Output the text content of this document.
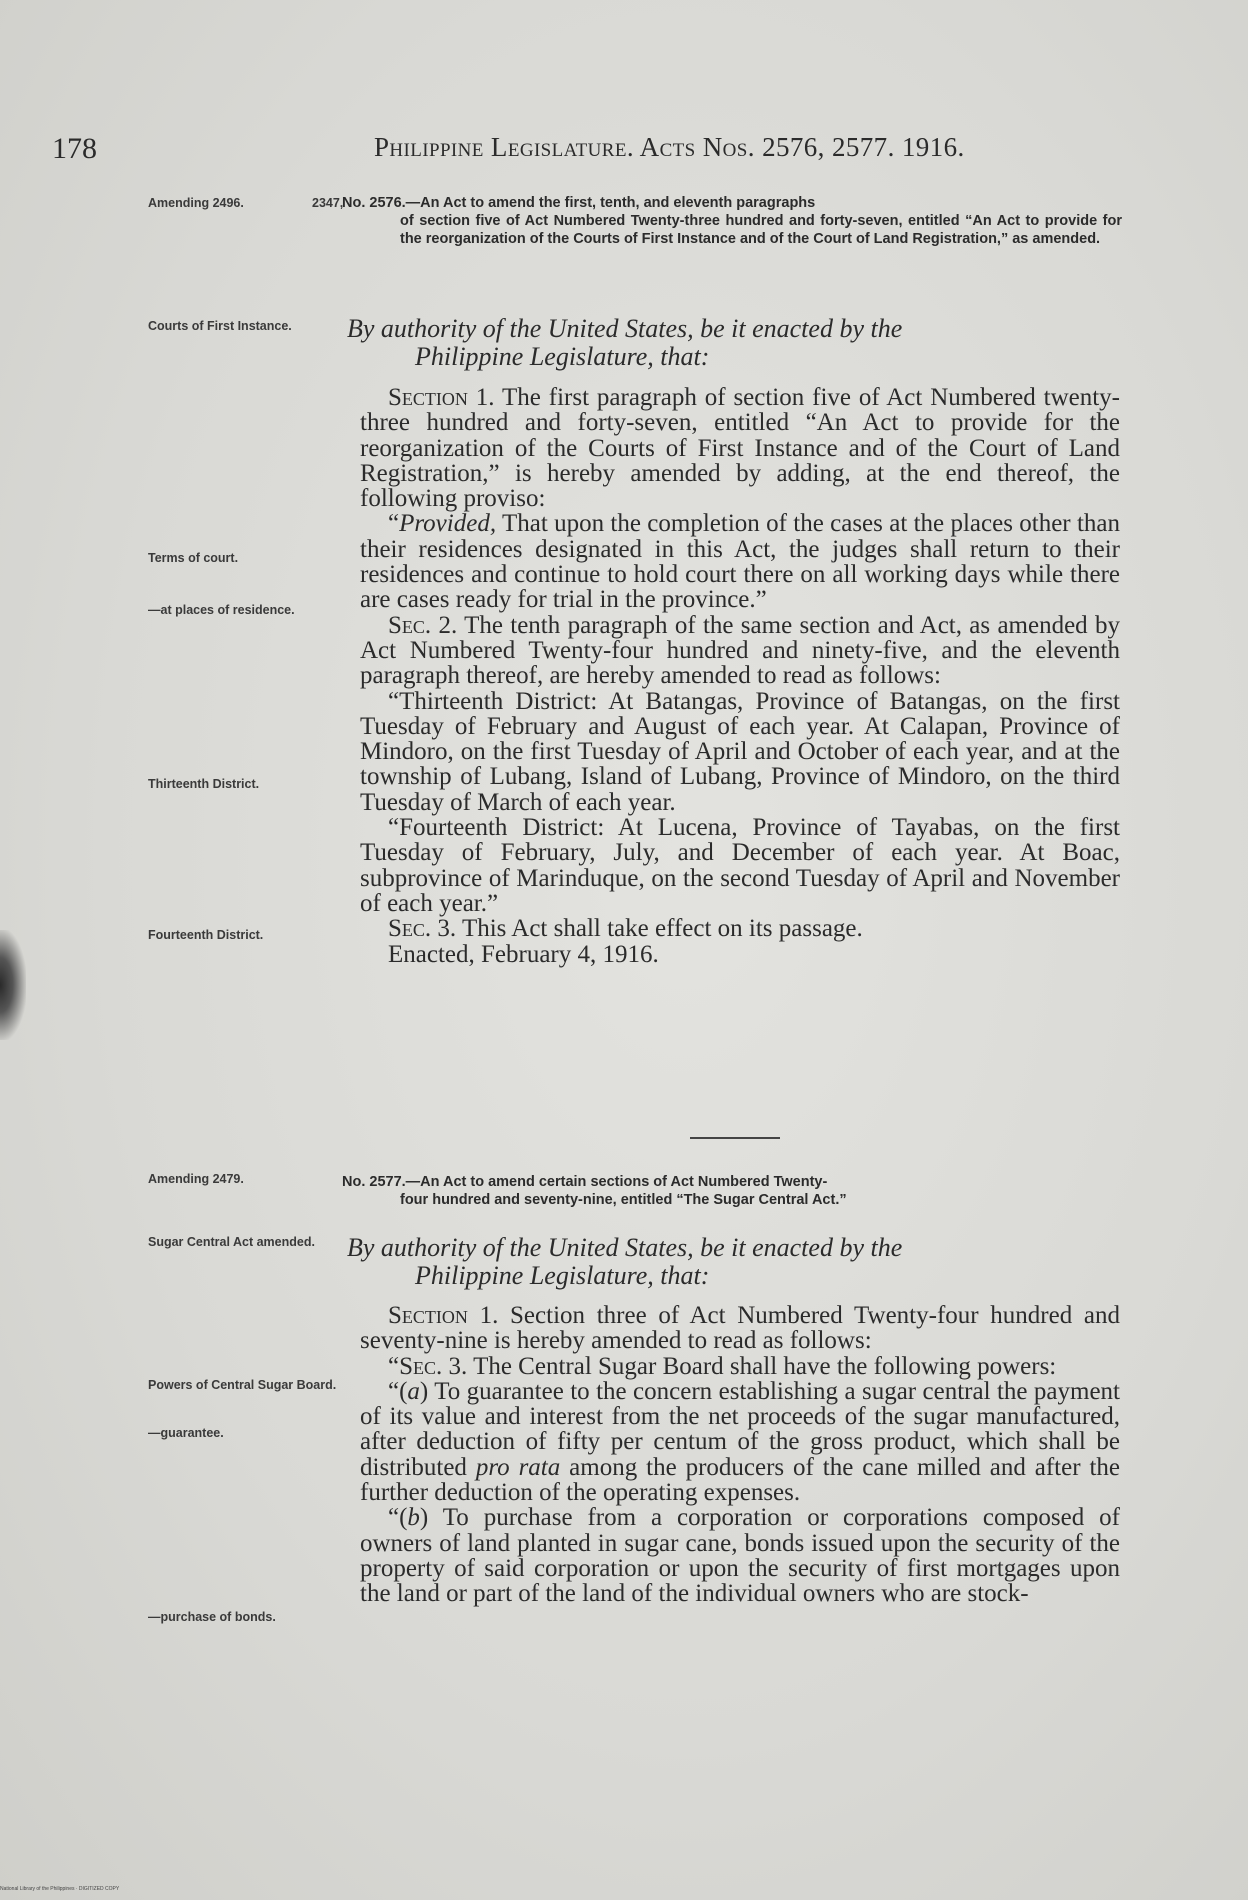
178	Philippine Legislature. Acts Nos. 2576, 2577. 1916.
Amending 2496.	2347,
No. 2576.—An Act to amend the first, tenth, and eleventh paragraphs
of section five of Act Numbered Twenty-three hundred and forty-seven, entitled “An Act to provide for the reorganization of the Courts of First Instance and of the Court of Land Registration,” as amended.
Courts of First Instance.	By authority of the United States, be it enacted by the
Philippine Legislature, that:
Terms of court.
—at places of residence.
Thirteenth District.
Fourteenth District.

Section 1. The first paragraph of section five of Act Numbered twenty-three hundred and forty-seven, entitled “An Act to provide for the reorganization of the Courts of First Instance and of the Court of Land Registration,” is hereby amended by adding, at the end thereof, the following proviso:

“Provided, That upon the completion of the cases at the places other than their residences designated in this Act, the judges shall return to their residences and continue to hold court there on all working days while there are cases ready for trial in the province.”

Sec. 2. The tenth paragraph of the same section and Act, as amended by Act Numbered Twenty-four hundred and ninety-five, and the eleventh paragraph thereof, are hereby amended to read as follows:

“Thirteenth District: At Batangas, Province of Batangas, on the first Tuesday of February and August of each year. At Calapan, Province of Mindoro, on the first Tuesday of April and October of each year, and at the township of Lubang, Island of Lubang, Province of Mindoro, on the third Tuesday of March of each year.

“Fourteenth District: At Lucena, Province of Tayabas, on the first Tuesday of February, July, and December of each year. At Boac, subprovince of Marinduque, on the second Tuesday of April and November of each year.”

Sec. 3. This Act shall take effect on its passage.

Enacted, February 4, 1916.

Amending 2479.	No. 2577.—An Act to amend certain sections of Act Numbered Twenty-
four hundred and seventy-nine, entitled “The Sugar Central Act.”
Sugar Central Act amended.	By authority of the United States, be it enacted by the
Philippine Legislature, that:
Powers of Central Sugar Board.
—guarantee.
—purchase of bonds.

Section 1. Section three of Act Numbered Twenty-four hundred and seventy-nine is hereby amended to read as follows:

“Sec. 3. The Central Sugar Board shall have the following powers:

“(a) To guarantee to the concern establishing a sugar central the payment of its value and interest from the net proceeds of the sugar manufactured, after deduction of fifty per centum of the gross product, which shall be distributed pro rata among the producers of the cane milled and after the further deduction of the operating expenses.

“(b) To purchase from a corporation or corporations composed of owners of land planted in sugar cane, bonds issued upon the security of the property of said corporation or upon the security of first mortgages upon the land or part of the land of the individual owners who are stock-

National Library of the Philippines · DIGITIZED COPY
